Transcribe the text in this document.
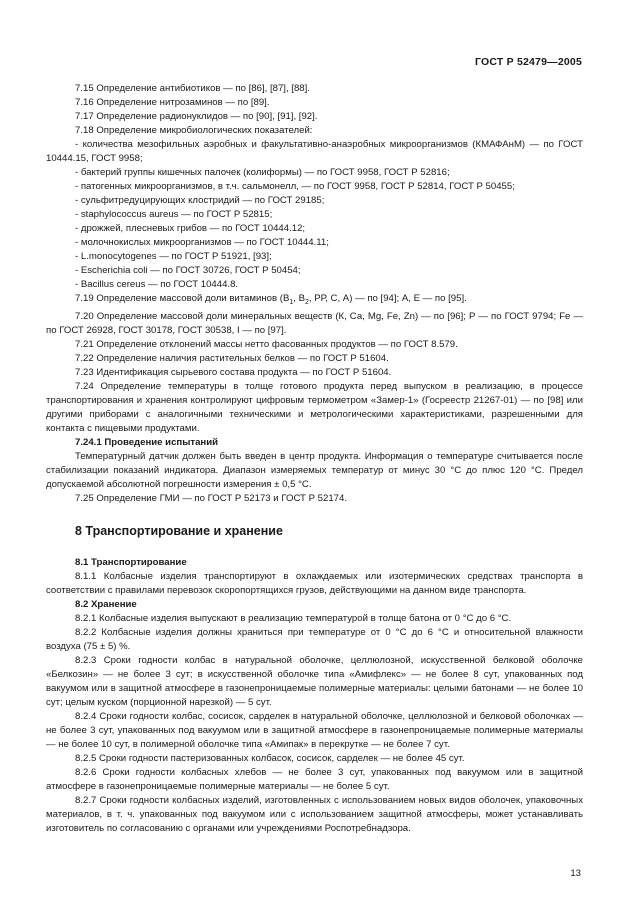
ГОСТ Р 52479—2005

7.15 Определение антибиотиков — по [86], [87], [88].

7.16 Определение нитрозаминов — по [89].

7.17 Определение радионуклидов — по [90], [91], [92].

7.18 Определение микробиологических показателей:

- количества мезофильных аэробных и факультативно-анаэробных микроорганизмов (КМАФАнМ) — по ГОСТ 10444.15, ГОСТ 9958;

- бактерий группы кишечных палочек (колиформы) — по ГОСТ 9958, ГОСТ Р 52816;

- патогенных микроорганизмов, в т.ч. сальмонелл, — по ГОСТ 9958, ГОСТ Р 52814, ГОСТ Р 50455;

- сульфитредуцирующих клостридий — по ГОСТ 29185;

- staphylococcus aureus — по ГОСТ Р 52815;

- дрожжей, плесневых грибов — по ГОСТ 10444.12;

- молочнокислых микроорганизмов — по ГОСТ 10444.11;

- L.monocytogenes — по ГОСТ Р 51921, [93];

- Escherichia coli — по ГОСТ 30726, ГОСТ Р 50454;

- Bacillus cereus — по ГОСТ 10444.8.

7.19 Определение массовой доли витаминов ($В_1$, $В_2$, РР, С, А) — по [94]; А, Е — по [95].

7.20 Определение массовой доли минеральных веществ (К, Са, Mg, Fe, Zn) — по [96]; Р — по ГОСТ 9794; Fe — по ГОСТ 26928, ГОСТ 30178, ГОСТ 30538, I — по [97].

7.21 Определение отклонений массы нетто фасованных продуктов — по ГОСТ 8.579.

7.22 Определение наличия растительных белков — по ГОСТ Р 51604.

7.23 Идентификация сырьевого состава продукта — по ГОСТ Р 51604.

7.24 Определение температуры в толще готового продукта перед выпуском в реализацию, в процессе транспортирования и хранения контролируют цифровым термометром «Замер-1» (Госреестр 21267-01) — по [98] или другими приборами с аналогичными техническими и метрологическими характеристиками, разрешенными для контакта с пищевыми продуктами.

7.24.1 Проведение испытаний

Температурный датчик должен быть введен в центр продукта. Информация о температуре считывается после стабилизации показаний индикатора. Диапазон измеряемых температур от минус 30 °С до плюс 120 °С. Предел допускаемой абсолютной погрешности измерения ± 0,5 °С.

7.25 Определение ГМИ — по ГОСТ Р 52173 и ГОСТ Р 52174.

8 Транспортирование и хранение

8.1 Транспортирование

8.1.1 Колбасные изделия транспортируют в охлаждаемых или изотермических средствах транспорта в соответствии с правилами перевозок скоропортящихся грузов, действующими на данном виде транспорта.

8.2 Хранение

8.2.1 Колбасные изделия выпускают в реализацию температурой в толще батона от 0 °С до 6 °С.

8.2.2 Колбасные изделия должны храниться при температуре от 0 °С до 6 °С и относительной влажности воздуха (75 ± 5) %.

8.2.3 Сроки годности колбас в натуральной оболочке, целлюлозной, искусственной белковой оболочке «Белкозин» — не более 3 сут; в искусственной оболочке типа «Амифлекс» — не более 8 сут, упакованных под вакуумом или в защитной атмосфере в газонепроницаемые полимерные материалы: целыми батонами — не более 10 сут; целым куском (порционной нарезкой) — 5 сут.

8.2.4 Сроки годности колбас, сосисок, сарделек в натуральной оболочке, целлюлозной и белковой оболочках — не более 3 сут, упакованных под вакуумом или в защитной атмосфере в газонепроницаемые полимерные материалы — не более 10 сут, в полимерной оболочке типа «Амипак» в перекрутке — не более 7 сут.

8.2.5 Сроки годности пастеризованных колбасок, сосисок, сарделек — не более 45 сут.

8.2.6 Сроки годности колбасных хлебов — не более 3 сут, упакованных под вакуумом или в защитной атмосфере в газонепроницаемые полимерные материалы — не более 5 сут.

8.2.7 Сроки годности колбасных изделий, изготовленных с использованием новых видов оболочек, упаковочных материалов, в т. ч. упакованных под вакуумом или с использованием защитной атмосферы, может устанавливать изготовитель по согласованию с органами или учреждениями Роспотребнадзора.

13
